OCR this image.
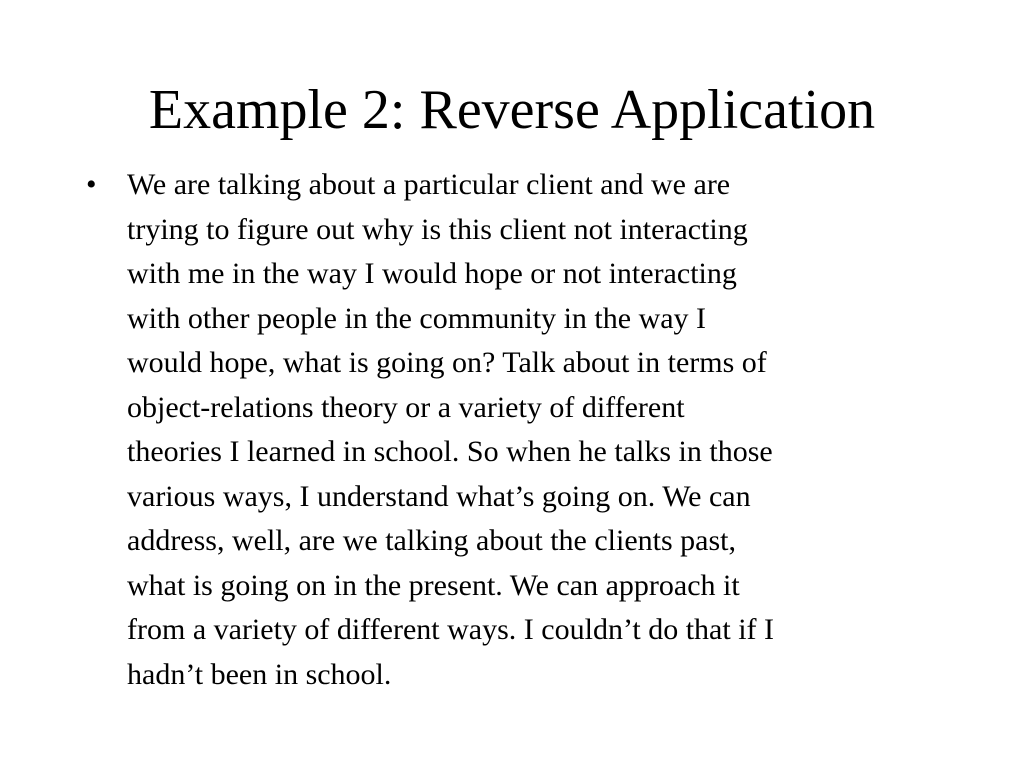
Example 2: Reverse Application
• We are talking about a particular client and we are
trying to figure out why is this client not interacting
with me in the way I would hope or not interacting
with other people in the community in the way I
would hope, what is going on? Talk about in terms of
object-relations theory or a variety of different
theories I learned in school. So when he talks in those
various ways, I understand what’s going on. We can
address, well, are we talking about the clients past,
what is going on in the present. We can approach it
from a variety of different ways. I couldn’t do that if I
hadn’t been in school.
